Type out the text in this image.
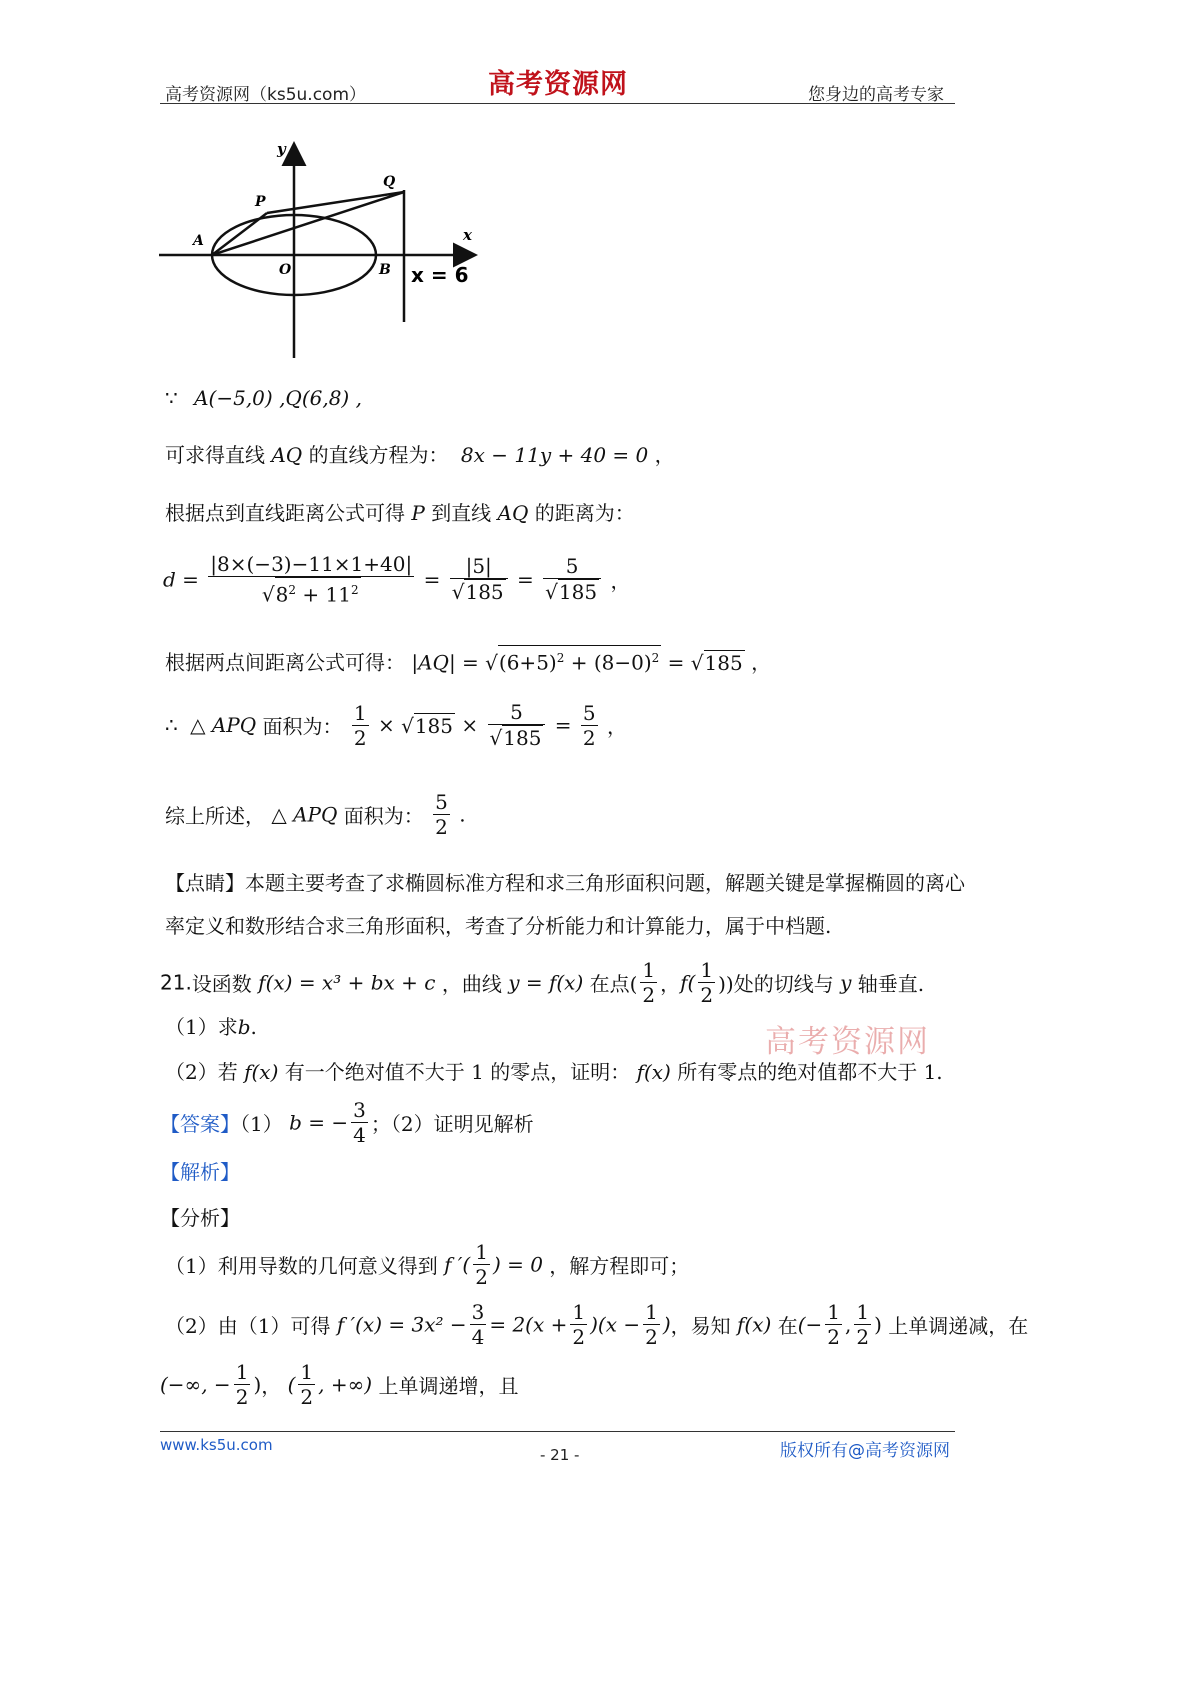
高考资源网（ks5u.com）	高考资源网	您身边的高考专家
y
x
A
P
Q
O	B x = 6
∵ A(−5,0) ,Q(6,8) ,
可求得直线 AQ 的直线方程为： 8x − 11y + 40 = 0 ，
根据点到直线距离公式可得 P 到直线 AQ 的距离为：
$d = \frac{|8\times(-3)-11\times 1+40|}{√8^2 + 11^2} = \frac{|5|}{√185} = \frac{5}{√185}$ ，
根据两点间距离公式可得： $|AQ| = √(6+5)^2 + (8-0)^2 = √185$ ，
∴ △ APQ 面积为： $\frac{1}{2} \times √185 \times \frac{5}{√185} = \frac{5}{2}$ ，
综上所述， △ APQ 面积为： $\frac{5}{2}$ .
【点睛】本题主要考查了求椭圆标准方程和求三角形面积问题，解题关键是掌握椭圆的离心
率定义和数形结合求三角形面积，考查了分析能力和计算能力，属于中档题.
21.设函数 f(x) = x³ + bx + c ，曲线 y = f(x) 在点( $\frac{1}{2}$ ，$f( \frac{1}{2}$ ))处的切线与 y 轴垂直.
（1）求b.	高考资源网
（2）若 f(x) 有一个绝对值不大于 1 的零点，证明： f(x) 所有零点的绝对值都不大于 1.
【答案】（1） b = − $\frac{3}{4}$ ；（2）证明见解析
【解析】
【分析】
（1）利用导数的几何意义得到 f ′( $\frac{1}{2}$ ) = 0 ，解方程即可；
（2）由（1）可得 f $'(x) = 3x^2 - \frac{3}{4} = 2(x + \frac{1}{2} )(x - \frac{1}{2}$ )，易知 f(x) 在(− $\frac{1}{2}$ , $\frac{1}{2}$ ) 上单调递减，在
(−∞, − $\frac{1}{2}$ )， ( $\frac{1}{2}$ , +∞) 上单调递增，且
www.ks5u.com
- 21 -	版权所有@高考资源网
